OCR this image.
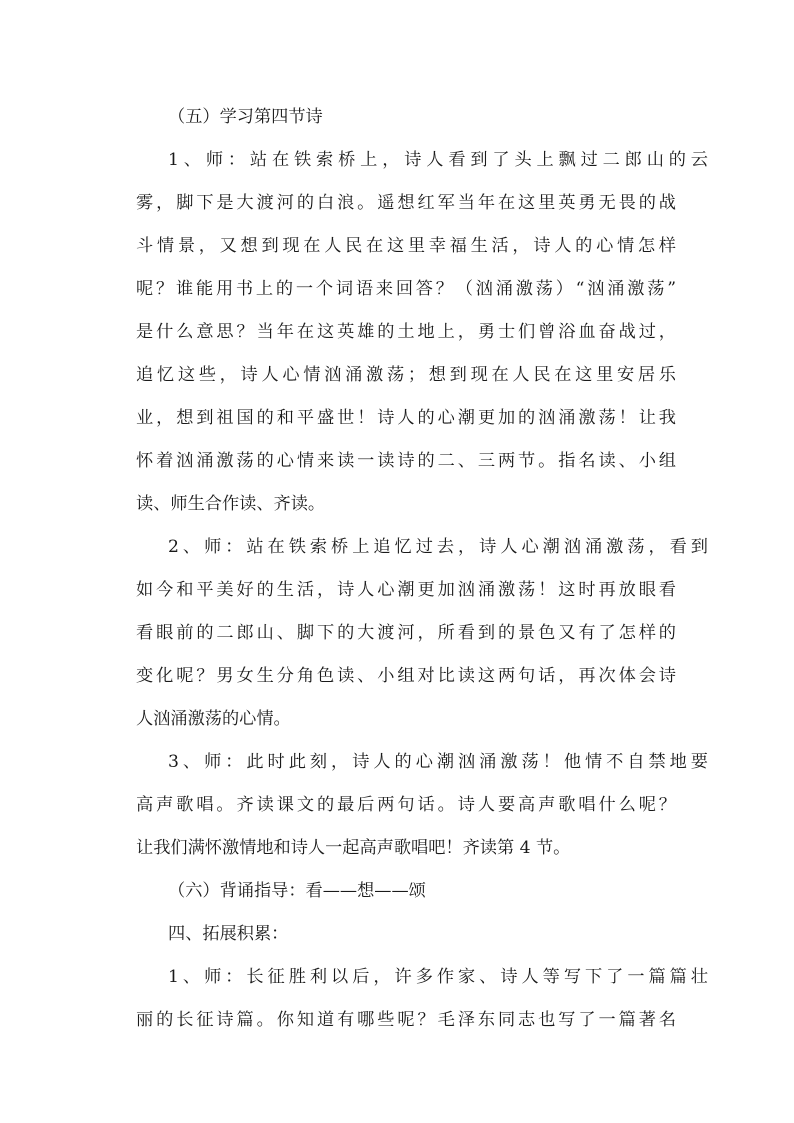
（五）学习第四节诗
1、师：站在铁索桥上，诗人看到了头上飘过二郎山的云
雾，脚下是大渡河的白浪。遥想红军当年在这里英勇无畏的战
斗情景，又想到现在人民在这里幸福生活，诗人的心情怎样
呢？谁能用书上的一个词语来回答？（汹涌激荡）“汹涌激荡”
是什么意思？当年在这英雄的土地上，勇士们曾浴血奋战过，
追忆这些，诗人心情汹涌激荡；想到现在人民在这里安居乐
业，想到祖国的和平盛世！诗人的心潮更加的汹涌激荡！让我
怀着汹涌激荡的心情来读一读诗的二、三两节。指名读、小组
读、师生合作读、齐读。
2、师：站在铁索桥上追忆过去，诗人心潮汹涌激荡，看到
如今和平美好的生活，诗人心潮更加汹涌激荡！这时再放眼看
看眼前的二郎山、脚下的大渡河，所看到的景色又有了怎样的
变化呢？男女生分角色读、小组对比读这两句话，再次体会诗
人汹涌激荡的心情。
3、师：此时此刻，诗人的心潮汹涌激荡！他情不自禁地要
高声歌唱。齐读课文的最后两句话。诗人要高声歌唱什么呢？
让我们满怀激情地和诗人一起高声歌唱吧！齐读第 4 节。
（六）背诵指导：看——想——颂
四、拓展积累：
1、师：长征胜利以后，许多作家、诗人等写下了一篇篇壮
丽的长征诗篇。你知道有哪些呢？毛泽东同志也写了一篇著名
